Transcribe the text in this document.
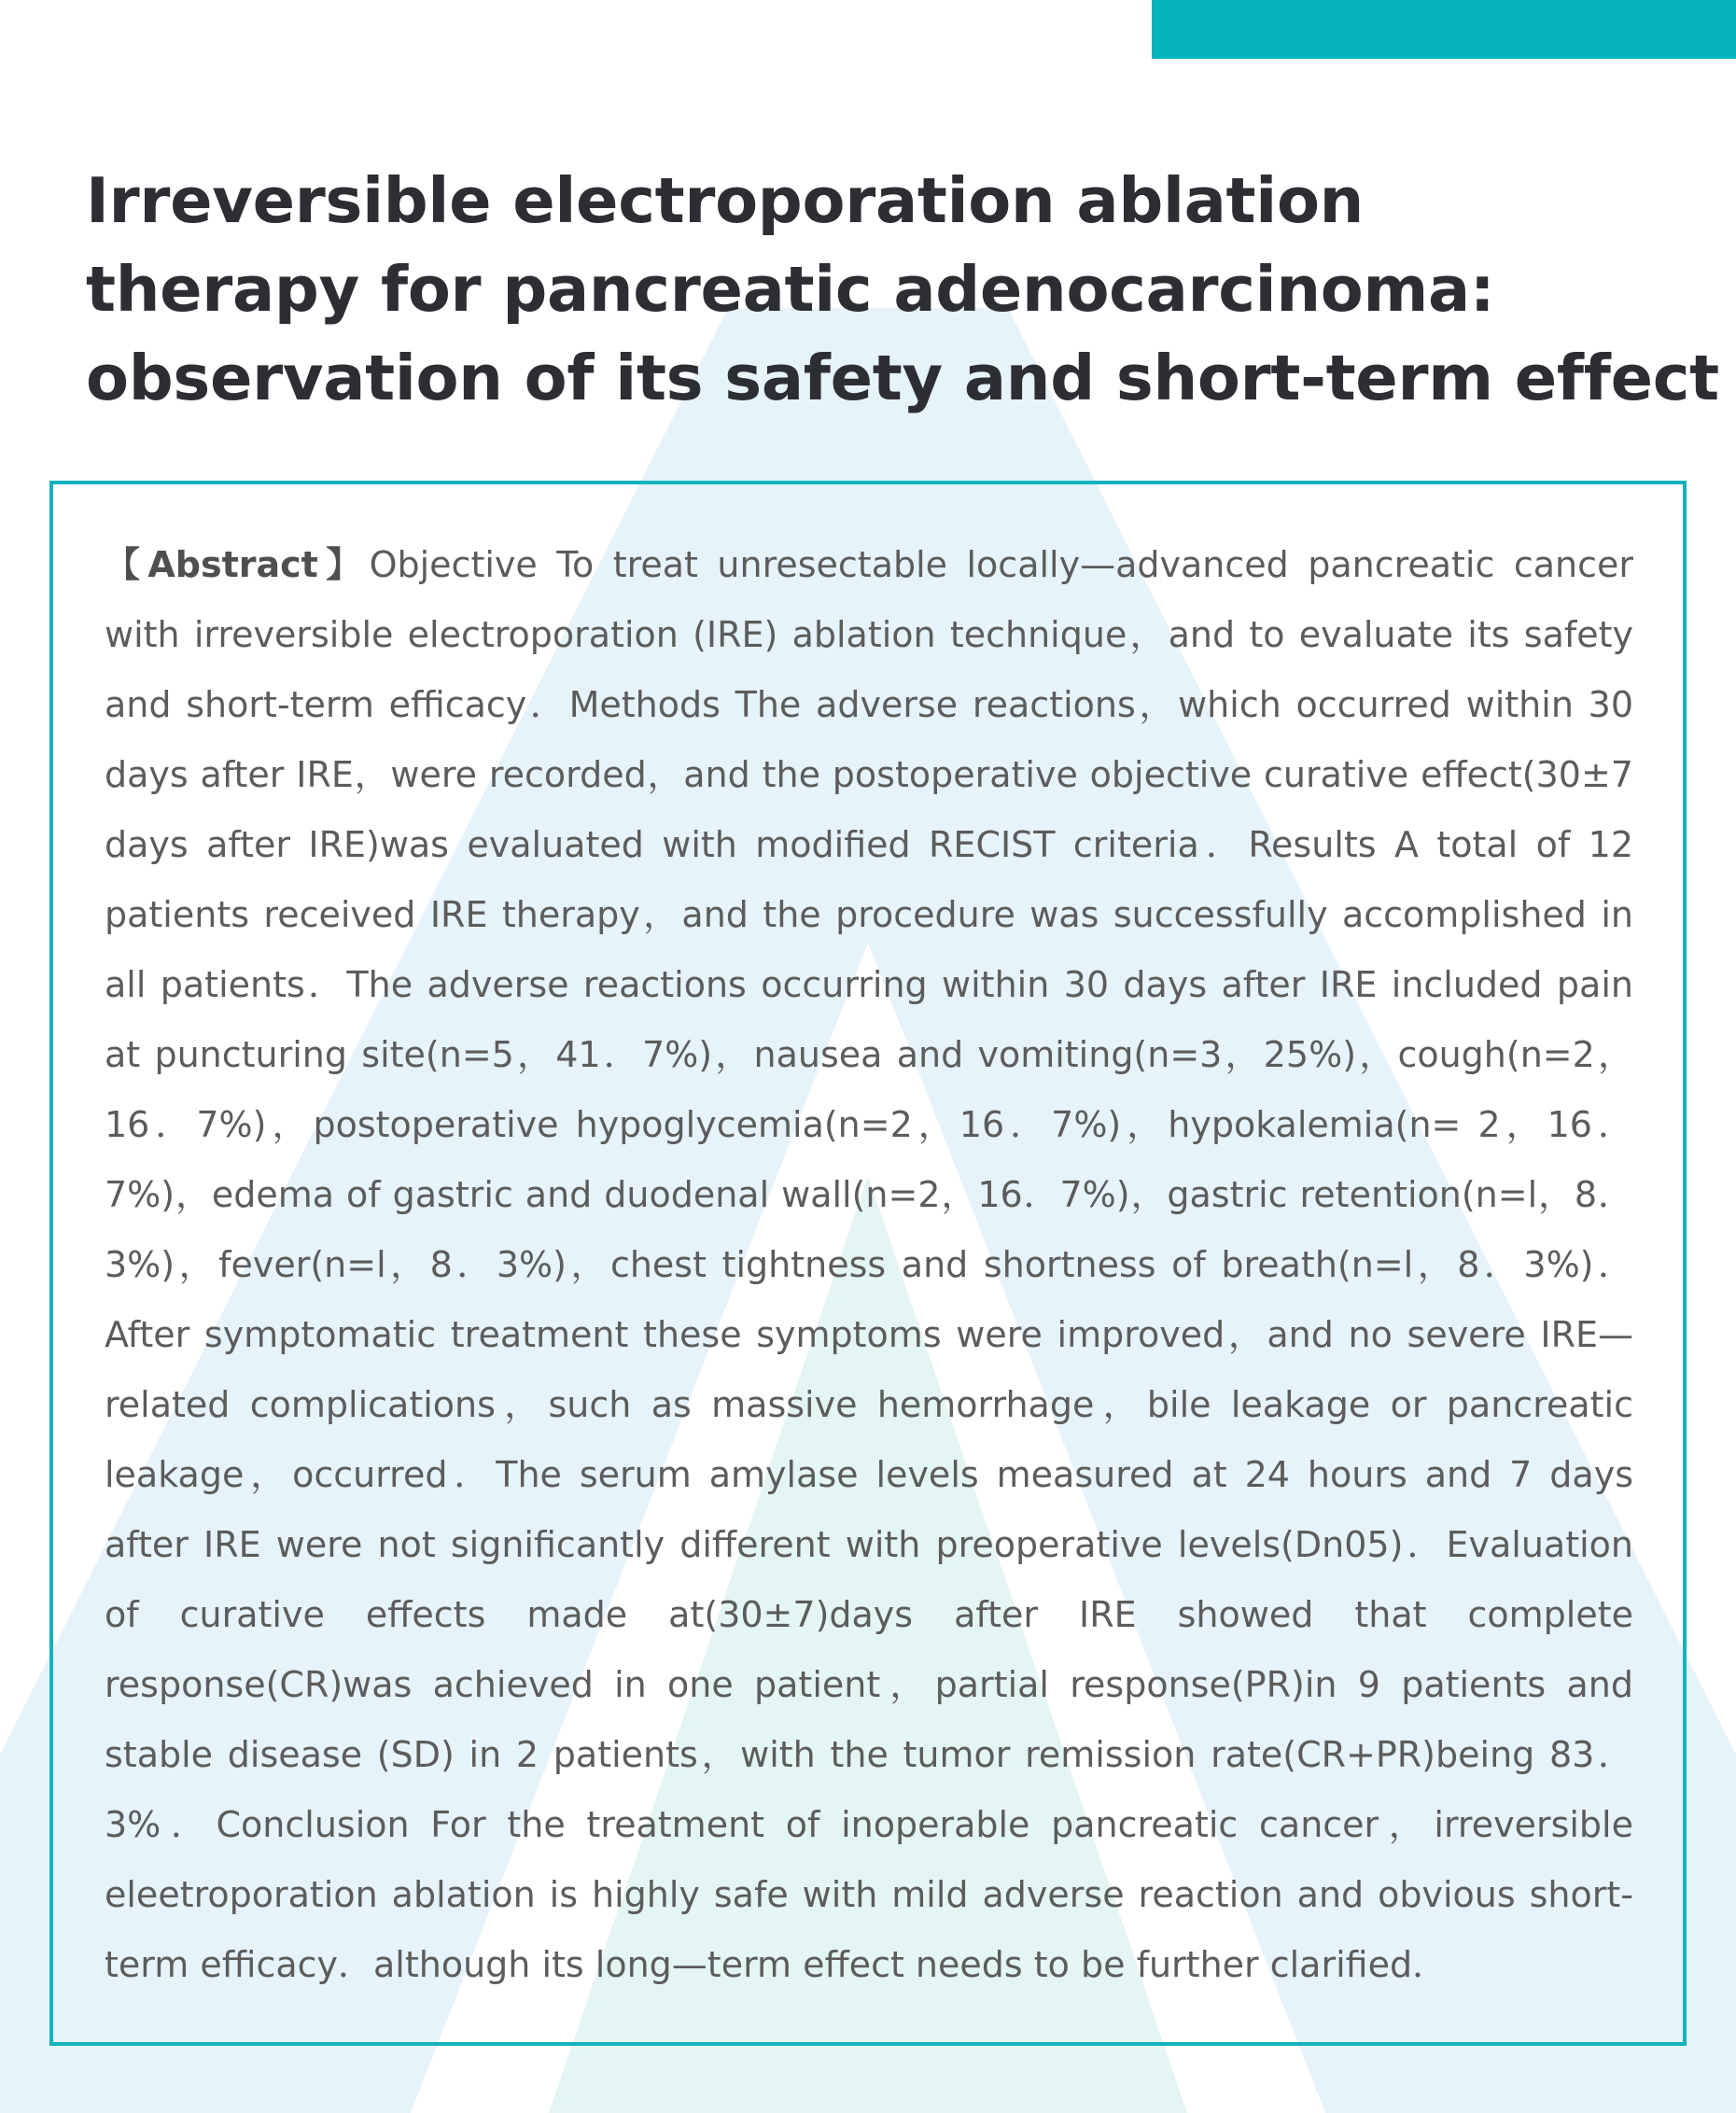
Irreversible electroporation ablation
therapy for pancreatic adenocarcinoma:
observation of its safety and short-term effect

【Abstract】Objective To treat unresectable locally—advanced pancreatic cancer with irreversible electroporation (IRE) ablation technique，and to evaluate its safety and short-term efficacy．Methods The adverse reactions，which occurred within 30 days after IRE，were recorded，and the postoperative objective curative effect(30±7 days after IRE)was evaluated with modified RECIST criteria．Results A total of 12 patients received IRE therapy，and the procedure was successfully accomplished in all patients．The adverse reactions occurring within 30 days after IRE included pain at puncturing site(n=5，41．7%)，nausea and vomiting(n=3，25%)，cough(n=2，16．7%)，postoperative hypoglycemia(n=2，16．7%)，hypokalemia(n= 2，16．7%)，edema of gastric and duodenal wall(n=2，16．7%)，gastric retention(n=l，8．3%)，fever(n=l，8．3%)，chest tightness and shortness of breath(n=l，8．3%)．After symptomatic treatment these symptoms were improved，and no severe IRE—related complications，such as massive hemorrhage，bile leakage or pancreatic leakage，occurred．The serum amylase levels measured at 24 hours and 7 days after IRE were not significantly different with preoperative levels(Dn05)．Evaluation of curative effects made at(30±7)days after IRE showed that complete response(CR)was achieved in one patient，partial response(PR)in 9 patients and stable disease (SD) in 2 patients，with the tumor remission rate(CR+PR)being 83．3%．Conclusion For the treatment of inoperable pancreatic cancer，irreversible eleetroporation ablation is highly safe with mild adverse reaction and obvious short-term efficacy．although its long—term effect needs to be further clarified．
